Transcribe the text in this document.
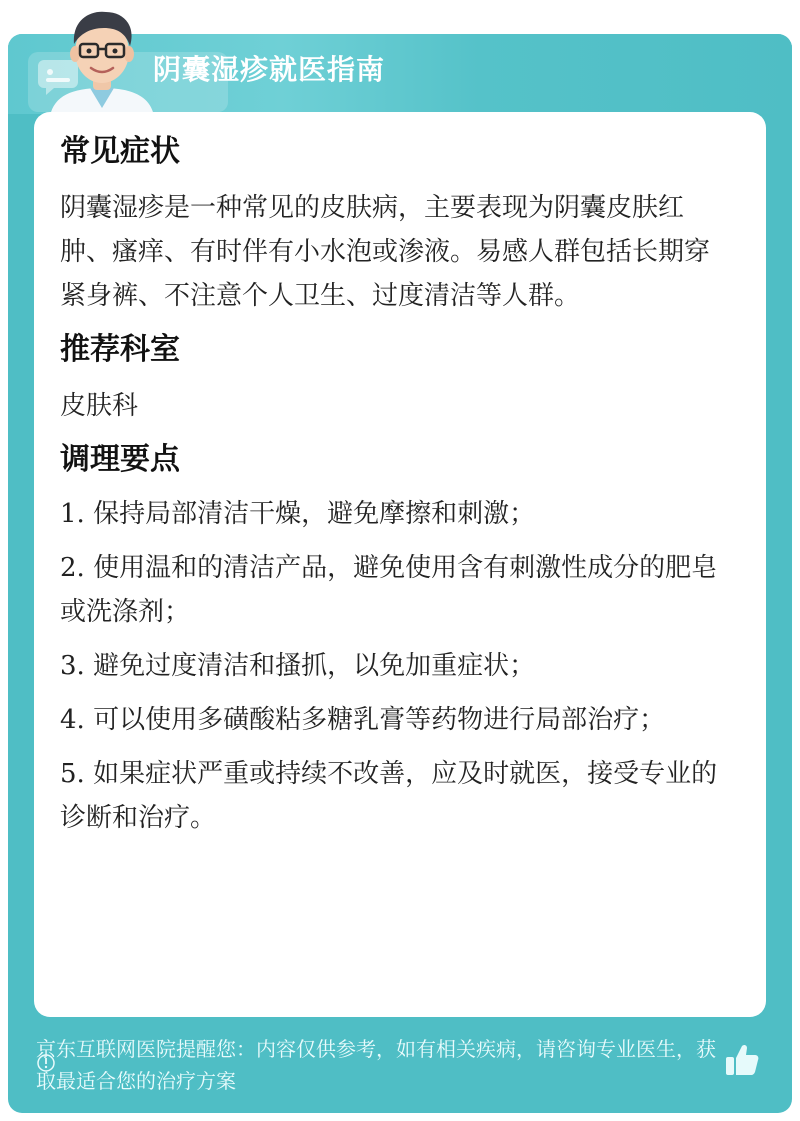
阴囊湿疹就医指南
常见症状

阴囊湿疹是一种常见的皮肤病，主要表现为阴囊皮肤红肿、瘙痒、有时伴有小水泡或渗液。易感人群包括长期穿紧身裤、不注意个人卫生、过度清洁等人群。

推荐科室

皮肤科

调理要点
1. 保持局部清洁干燥，避免摩擦和刺激；
2. 使用温和的清洁产品，避免使用含有刺激性成分的肥皂或洗涤剂；
3. 避免过度清洁和搔抓，以免加重症状；
4. 可以使用多磺酸粘多糖乳膏等药物进行局部治疗；
5. 如果症状严重或持续不改善，应及时就医，接受专业的诊断和治疗。
京东互联网医院提醒您：内容仅供参考，如有相关疾病，请咨询专业医生，获取最适合您的治疗方案
